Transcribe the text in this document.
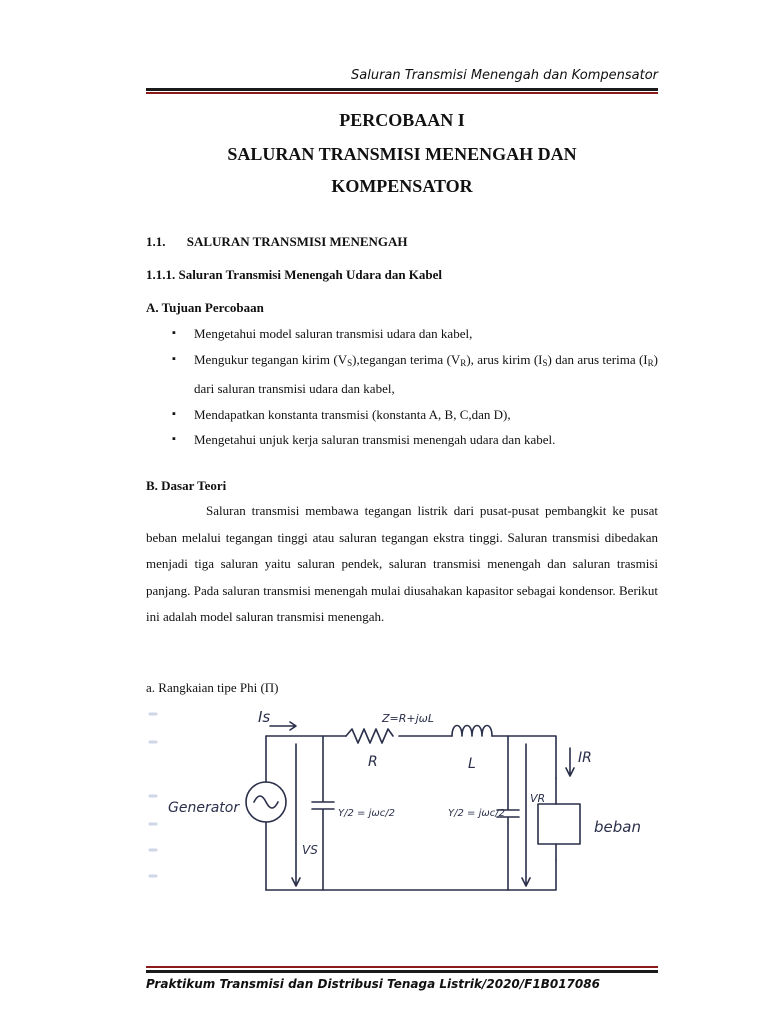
Saluran Transmisi Menengah dan Kompensator
PERCOBAAN I
SALURAN TRANSMISI MENENGAH DAN
KOMPENSATOR
1.1. SALURAN TRANSMISI MENENGAH
1.1.1. Saluran Transmisi Menengah Udara dan Kabel
A. Tujuan Percobaan
▪ Mengetahui model saluran transmisi udara dan kabel,
▪ Mengukur tegangan kirim $(V_S),tegangan$ terima $(V_R)$, arus kirim $(I_S)$ dan arus terima $(I_R)$ dari saluran transmisi udara dan kabel,
▪ Mendapatkan konstanta transmisi (konstanta A, B, C,dan D),
▪ Mengetahui unjuk kerja saluran transmisi menengah udara dan kabel.
B. Dasar Teori

Saluran transmisi membawa tegangan listrik dari pusat-pusat pembangkit ke pusat beban melalui tegangan tinggi atau saluran tegangan ekstra tinggi. Saluran transmisi dibedakan menjadi tiga saluran yaitu saluran pendek, saluran transmisi menengah dan saluran trasmisi panjang. Pada saluran transmisi menengah mulai diusahakan kapasitor sebagai kondensor. Berikut ini adalah model saluran transmisi menengah.

a. Rangkaian tipe Phi (Π)
Is	Z=R+jωL
R	L	IR
Generator	Y/2 = jωc/2
VS
Y/2 = jωc/2
VR
beban
Praktikum Transmisi dan Distribusi Tenaga Listrik/2020/F1B017086
